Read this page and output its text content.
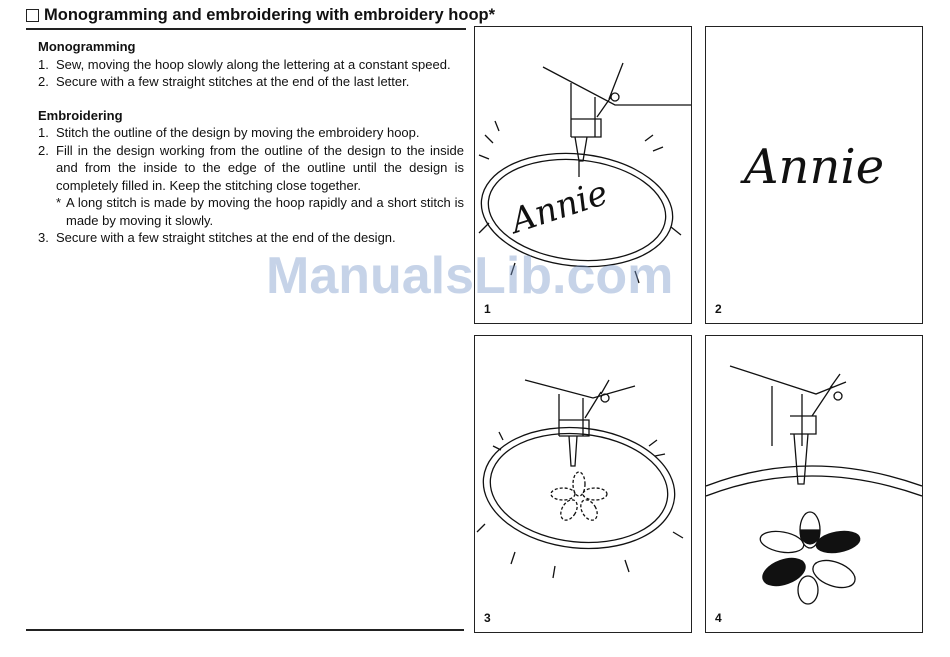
Monogramming and embroidering with embroidery hoop*

Monogramming

1. Sew, moving the hoop slowly along the lettering at a constant speed.
2. Secure with a few straight stitches at the end of the last letter.

Embroidering

1. Stitch the outline of the design by moving the embroidery hoop.
2. Fill in the design working from the outline of the design to the inside and from the inside to the edge of the outline until the design is completely filled in. Keep the stitching close together.
* A long stitch is made by moving the hoop rapidly and a short stitch is made by moving it slowly.
3. Secure with a few straight stitches at the end of the design.	Annie
1
Annie
2
3	4
ManualsLib.com
